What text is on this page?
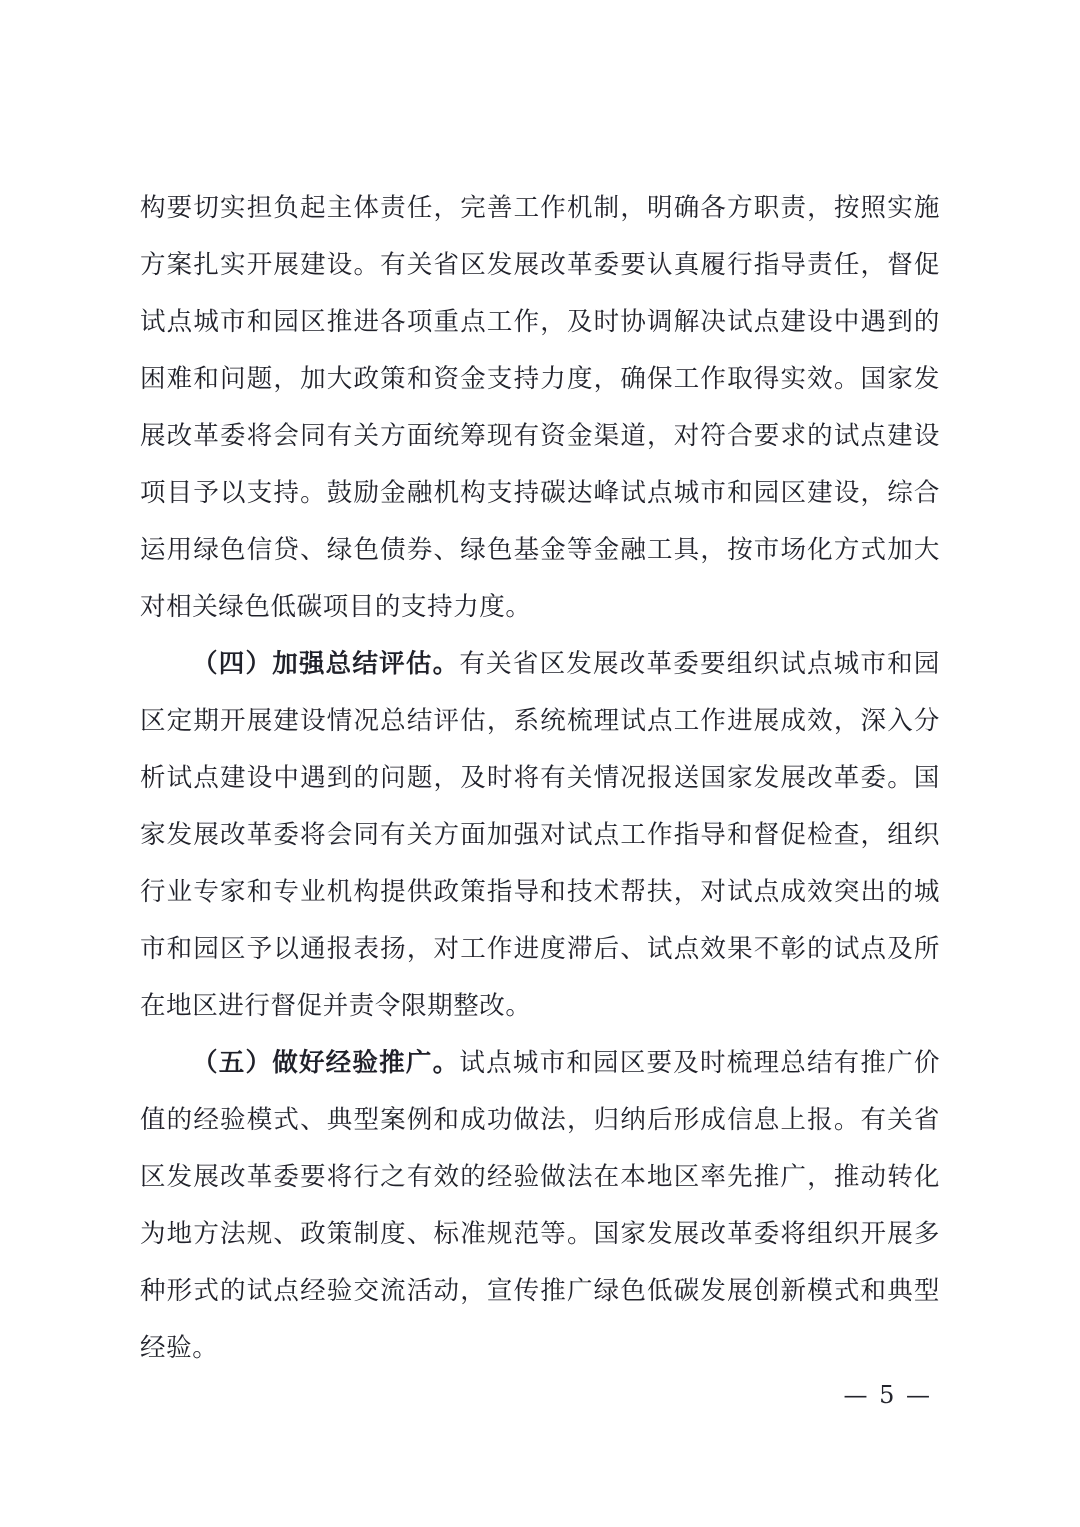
构要切实担负起主体责任，完善工作机制，明确各方职责，按照实施方案扎实开展建设。有关省区发展改革委要认真履行指导责任，督促试点城市和园区推进各项重点工作，及时协调解决试点建设中遇到的困难和问题，加大政策和资金支持力度，确保工作取得实效。国家发展改革委将会同有关方面统筹现有资金渠道，对符合要求的试点建设项目予以支持。鼓励金融机构支持碳达峰试点城市和园区建设，综合运用绿色信贷、绿色债券、绿色基金等金融工具，按市场化方式加大对相关绿色低碳项目的支持力度。

（四）加强总结评估。有关省区发展改革委要组织试点城市和园区定期开展建设情况总结评估，系统梳理试点工作进展成效，深入分析试点建设中遇到的问题，及时将有关情况报送国家发展改革委。国家发展改革委将会同有关方面加强对试点工作指导和督促检查，组织行业专家和专业机构提供政策指导和技术帮扶，对试点成效突出的城市和园区予以通报表扬，对工作进度滞后、试点效果不彰的试点及所在地区进行督促并责令限期整改。

（五）做好经验推广。试点城市和园区要及时梳理总结有推广价值的经验模式、典型案例和成功做法，归纳后形成信息上报。有关省区发展改革委要将行之有效的经验做法在本地区率先推广，推动转化为地方法规、政策制度、标准规范等。国家发展改革委将组织开展多种形式的试点经验交流活动，宣传推广绿色低碳发展创新模式和典型经验。

— 5 —
